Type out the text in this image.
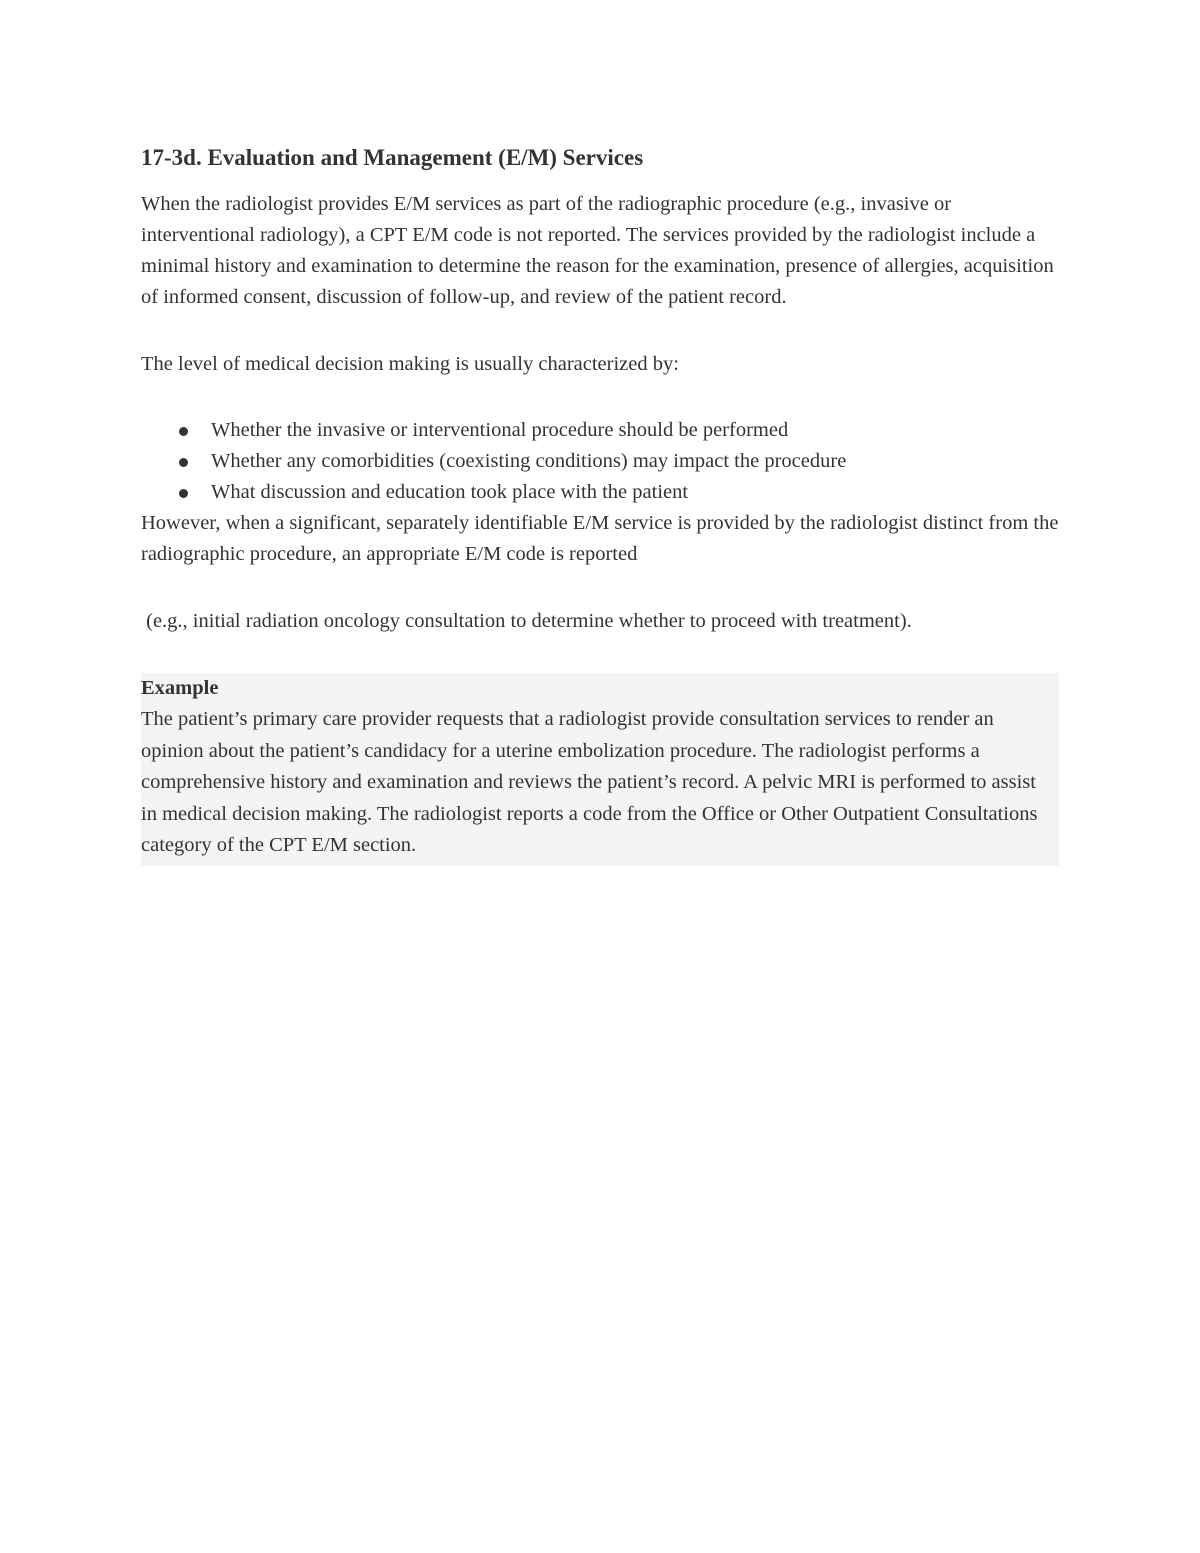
17-3d. Evaluation and Management (E/M) Services

When the radiologist provides E/M services as part of the radiographic procedure (e.g., invasive or interventional radiology), a CPT E/M code is not reported. The services provided by the radiologist include a minimal history and examination to determine the reason for the examination, presence of allergies, acquisition of informed consent, discussion of follow-up, and review of the patient record.

The level of medical decision making is usually characterized by:

Whether the invasive or interventional procedure should be performed
Whether any comorbidities (coexisting conditions) may impact the procedure
What discussion and education took place with the patient

However, when a significant, separately identifiable E/M service is provided by the radiologist distinct from the radiographic procedure, an appropriate E/M code is reported

(e.g., initial radiation oncology consultation to determine whether to proceed with treatment).

Example

The patient’s primary care provider requests that a radiologist provide consultation services to render an opinion about the patient’s candidacy for a uterine embolization procedure. The radiologist performs a comprehensive history and examination and reviews the patient’s record. A pelvic MRI is performed to assist in medical decision making. The radiologist reports a code from the Office or Other Outpatient Consultations category of the CPT E/M section.
